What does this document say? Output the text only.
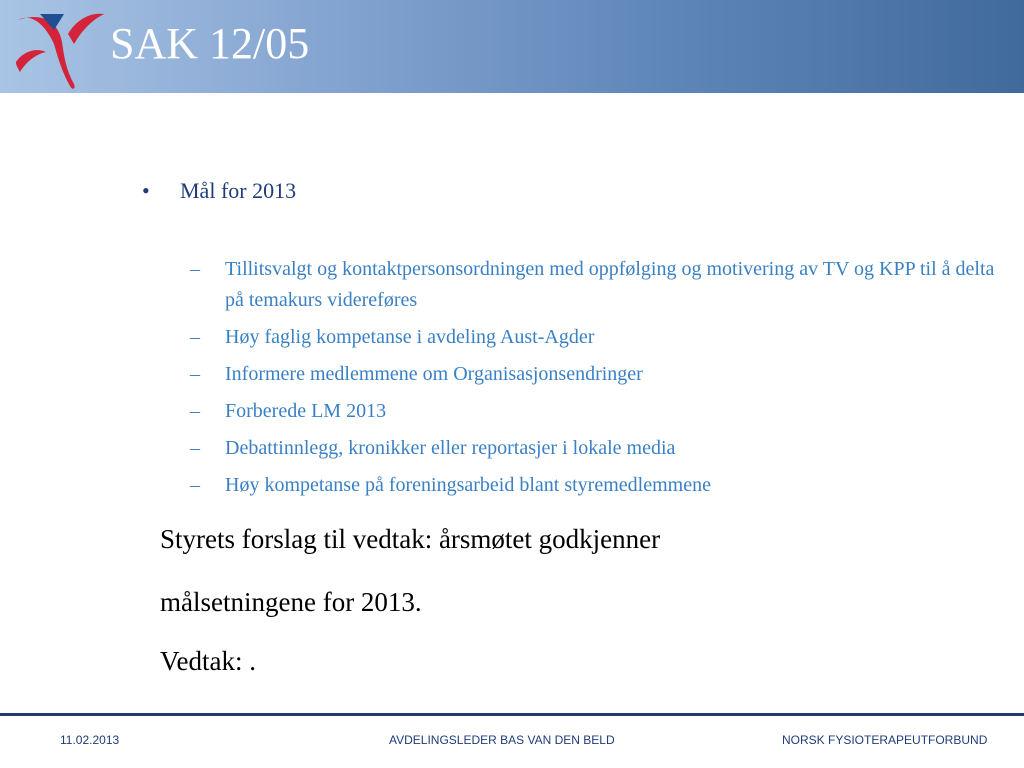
SAK 12/05
• Mål for 2013
– Tillitsvalgt og kontaktpersonsordningen med oppfølging og motivering av TV og KPP til å delta på temakurs videreføres
– Høy faglig kompetanse i avdeling Aust-Agder
– Informere medlemmene om Organisasjonsendringer
– Forberede LM 2013
– Debattinnlegg, kronikker eller reportasjer i lokale media
– Høy kompetanse på foreningsarbeid blant styremedlemmene

Styrets forslag til vedtak: årsmøtet godkjenner

målsetningene for 2013.

Vedtak: .

11.02.2013	AVDELINGSLEDER BAS VAN DEN BELD	NORSK FYSIOTERAPEUTFORBUND
